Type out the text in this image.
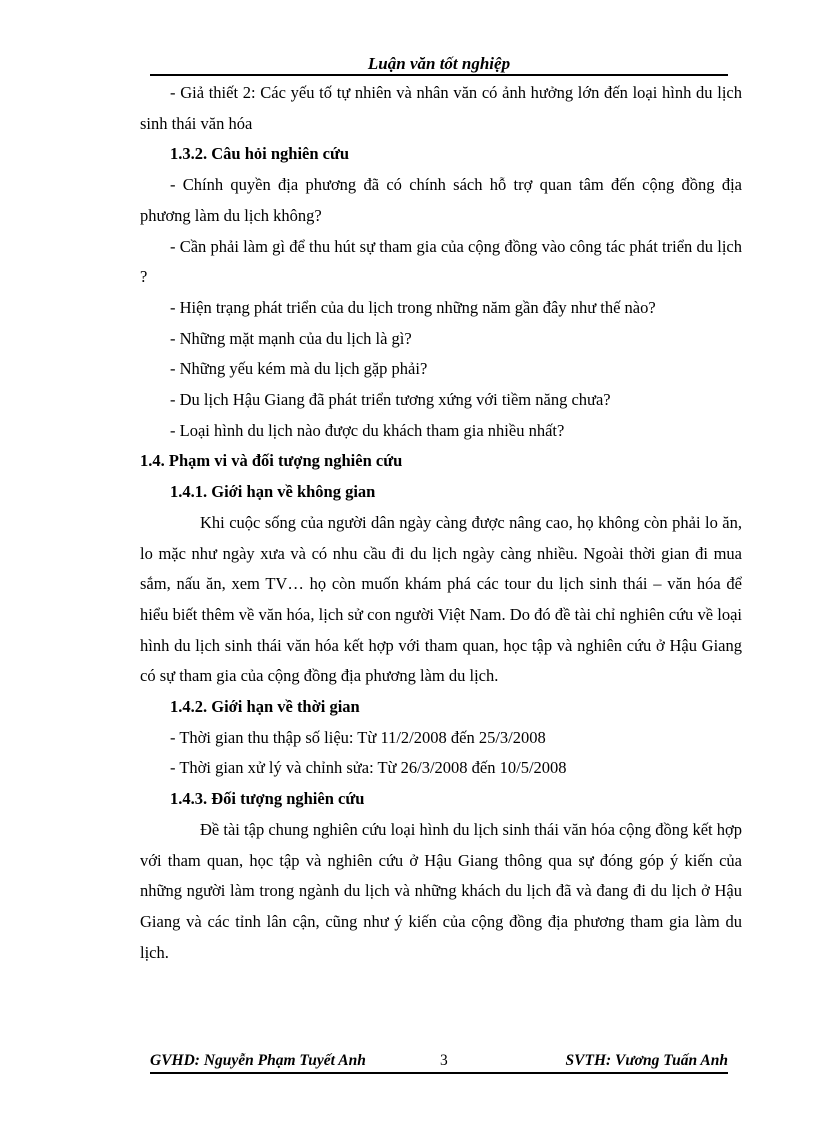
Luận văn tốt nghiệp

- Giả thiết 2: Các yếu tố tự nhiên và nhân văn có ảnh hưởng lớn đến loại hình du lịch sinh thái văn hóa

1.3.2. Câu hỏi nghiên cứu

- Chính quyền địa phương đã có chính sách hỗ trợ quan tâm đến cộng đồng địa phương làm du lịch không?

- Cần phải làm gì để thu hút sự tham gia của cộng đồng vào công tác phát triển du lịch ?

- Hiện trạng phát triển của du lịch trong những năm gần đây như thế nào?

- Những mặt mạnh của du lịch là gì?

- Những yếu kém mà du lịch gặp phải?

- Du lịch Hậu Giang đã phát triển tương xứng với tiềm năng chưa?

- Loại hình du lịch nào được du khách tham gia nhiều nhất?

1.4. Phạm vi và đối tượng nghiên cứu

1.4.1. Giới hạn về không gian

Khi cuộc sống của người dân ngày càng được nâng cao, họ không còn phải lo ăn, lo mặc như ngày xưa và có nhu cầu đi du lịch ngày càng nhiều. Ngoài thời gian đi mua sắm, nấu ăn, xem TV… họ còn muốn khám phá các tour du lịch sinh thái – văn hóa để hiểu biết thêm về văn hóa, lịch sử con người Việt Nam. Do đó đề tài chỉ nghiên cứu về loại hình du lịch sinh thái văn hóa kết hợp với tham quan, học tập và nghiên cứu ở Hậu Giang có sự tham gia của cộng đồng địa phương làm du lịch.

1.4.2. Giới hạn về thời gian

- Thời gian thu thập số liệu: Từ 11/2/2008 đến 25/3/2008

- Thời gian xử lý và chỉnh sửa: Từ 26/3/2008 đến 10/5/2008

1.4.3. Đối tượng nghiên cứu

Đề tài tập chung nghiên cứu loại hình du lịch sinh thái văn hóa cộng đồng kết hợp với tham quan, học tập và nghiên cứu ở Hậu Giang thông qua sự đóng góp ý kiến của những người làm trong ngành du lịch và những khách du lịch đã và đang đi du lịch ở Hậu Giang và các tỉnh lân cận, cũng như ý kiến của cộng đồng địa phương tham gia làm du lịch.

GVHD: Nguyễn Phạm Tuyết Anh	3	SVTH: Vương Tuấn Anh
